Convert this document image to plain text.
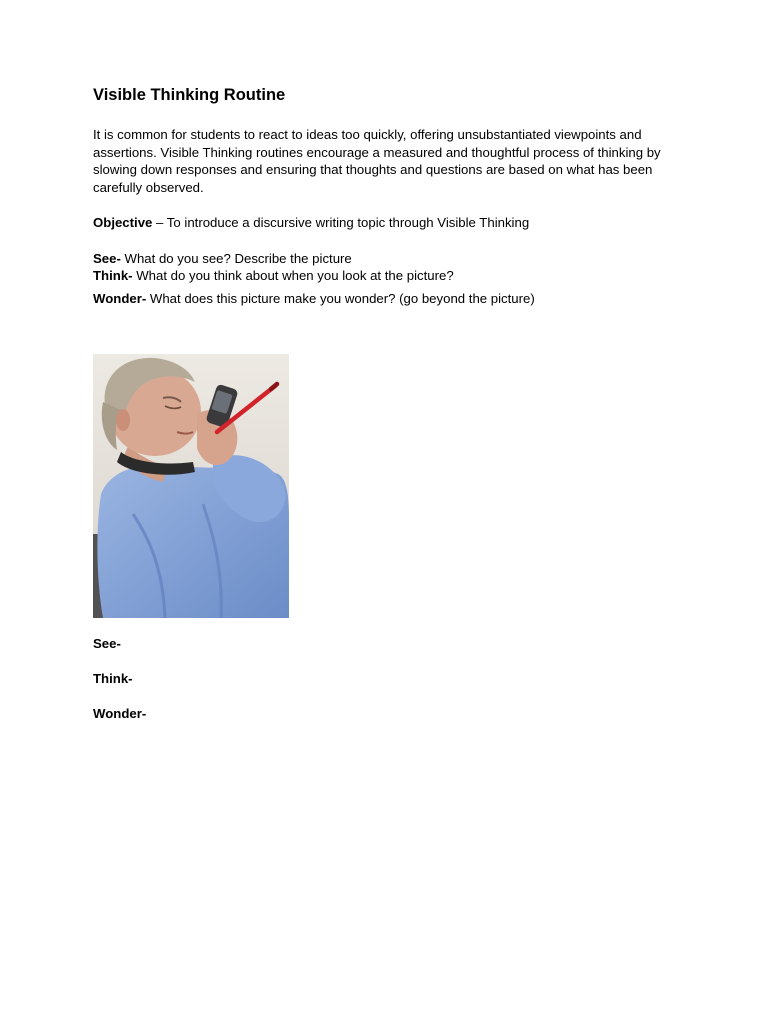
Visible Thinking Routine

It is common for students to react to ideas too quickly, offering unsubstantiated viewpoints and assertions. Visible Thinking routines encourage a measured and thoughtful process of thinking by slowing down responses and ensuring that thoughts and questions are based on what has been carefully observed.

Objective – To introduce a discursive writing topic through Visible Thinking

See- What do you see? Describe the picture

Think- What do you think about when you look at the picture?

Wonder- What does this picture make you wonder? (go beyond the picture)

See-

Think-

Wonder-
